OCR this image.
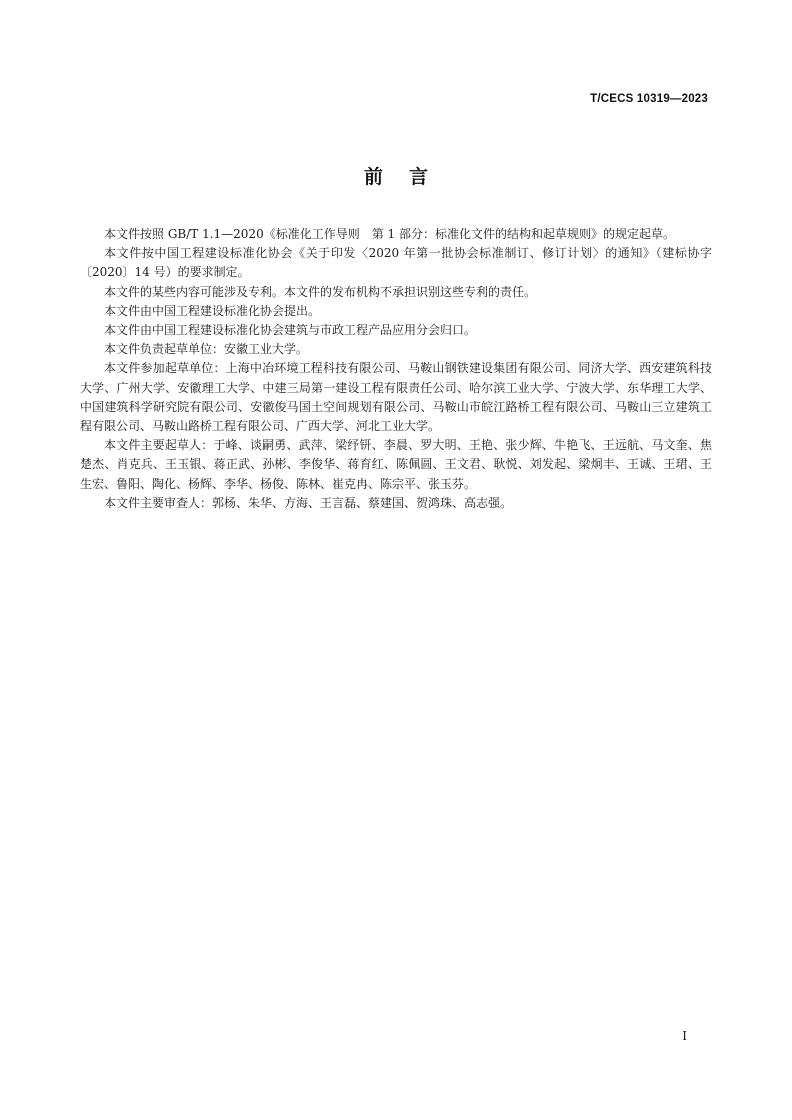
T/CECS 10319—2023
前言

本文件按照 GB/T 1.1—2020《标准化工作导则　第 1 部分：标准化文件的结构和起草规则》的规定起草。

本文件按中国工程建设标准化协会《关于印发〈2020 年第一批协会标准制订、修订计划〉的通知》（建标协字〔2020〕14 号）的要求制定。

本文件的某些内容可能涉及专利。本文件的发布机构不承担识别这些专利的责任。

本文件由中国工程建设标准化协会提出。

本文件由中国工程建设标准化协会建筑与市政工程产品应用分会归口。

本文件负责起草单位：安徽工业大学。

本文件参加起草单位：上海中冶环境工程科技有限公司、马鞍山钢铁建设集团有限公司、同济大学、西安建筑科技大学、广州大学、安徽理工大学、中建三局第一建设工程有限责任公司、哈尔滨工业大学、宁波大学、东华理工大学、中国建筑科学研究院有限公司、安徽俊马国土空间规划有限公司、马鞍山市皖江路桥工程有限公司、马鞍山三立建筑工程有限公司、马鞍山路桥工程有限公司、广西大学、河北工业大学。

本文件主要起草人：于峰、谈嗣勇、武萍、梁纾钘、李晨、罗大明、王艳、张少辉、牛艳飞、王远航、马文奎、焦楚杰、肖克兵、王玉银、蒋正武、孙彬、李俊华、蒋育红、陈佩圆、王文君、耿悦、刘发起、梁炯丰、王诚、王珺、王生宏、鲁阳、陶化、杨辉、李华、杨俊、陈林、崔克冉、陈宗平、张玉芬。

本文件主要审查人：郭杨、朱华、方海、王言磊、蔡建国、贺鸿珠、高志强。

I
